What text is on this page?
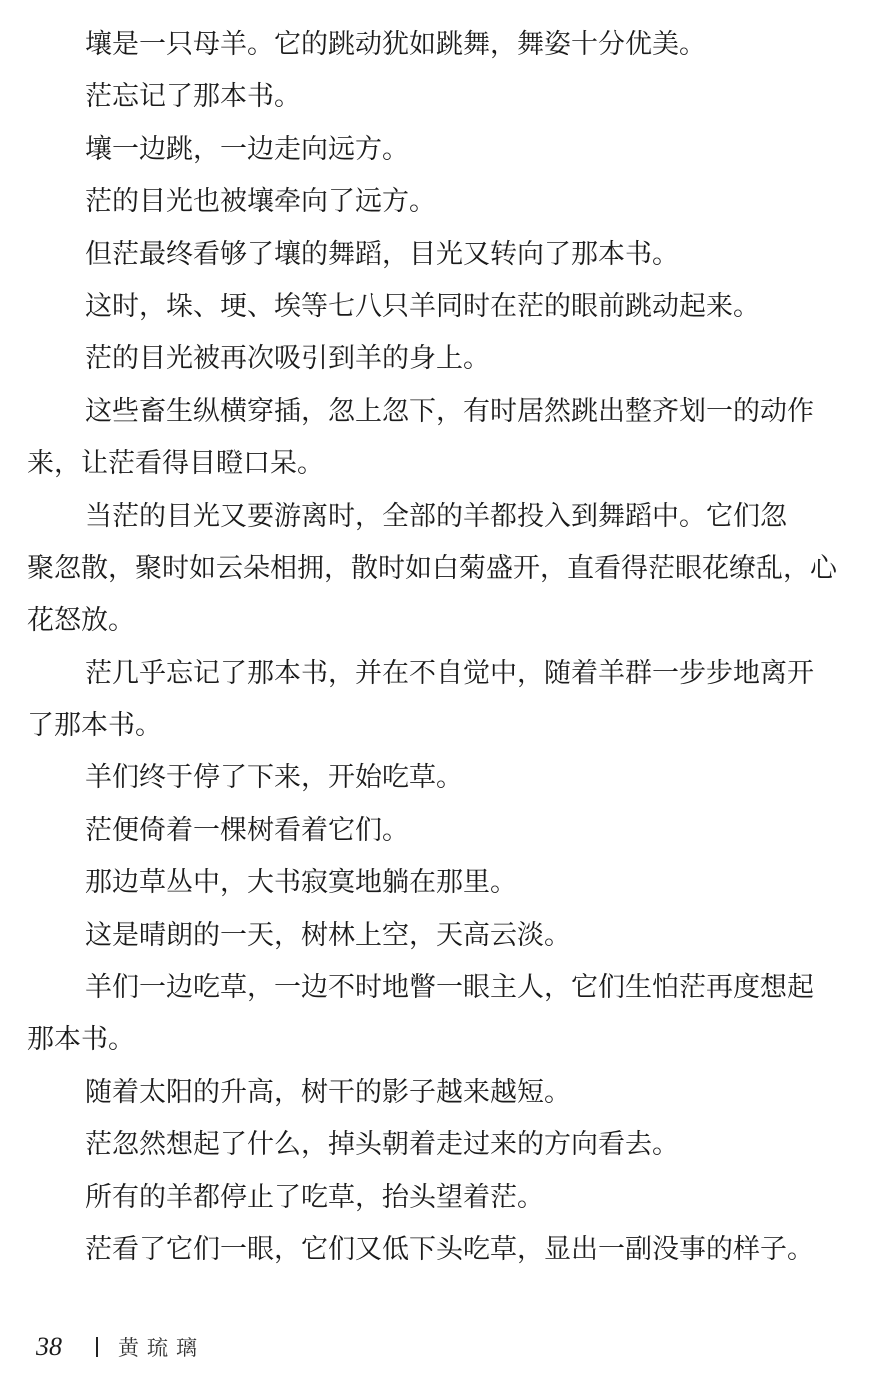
壤是一只母羊。它的跳动犹如跳舞，舞姿十分优美。
茫忘记了那本书。
壤一边跳，一边走向远方。
茫的目光也被壤牵向了远方。
但茫最终看够了壤的舞蹈，目光又转向了那本书。
这时，垛、埂、埃等七八只羊同时在茫的眼前跳动起来。
茫的目光被再次吸引到羊的身上。
这些畜生纵横穿插，忽上忽下，有时居然跳出整齐划一的动作
来，让茫看得目瞪口呆。
当茫的目光又要游离时，全部的羊都投入到舞蹈中。它们忽
聚忽散，聚时如云朵相拥，散时如白菊盛开，直看得茫眼花缭乱，心
花怒放。
茫几乎忘记了那本书，并在不自觉中，随着羊群一步步地离开
了那本书。
羊们终于停了下来，开始吃草。
茫便倚着一棵树看着它们。
那边草丛中，大书寂寞地躺在那里。
这是晴朗的一天，树林上空，天高云淡。
羊们一边吃草，一边不时地瞥一眼主人，它们生怕茫再度想起
那本书。
随着太阳的升高，树干的影子越来越短。
茫忽然想起了什么，掉头朝着走过来的方向看去。
所有的羊都停止了吃草，抬头望着茫。
茫看了它们一眼，它们又低下头吃草，显出一副没事的样子。
38	黄琉璃
